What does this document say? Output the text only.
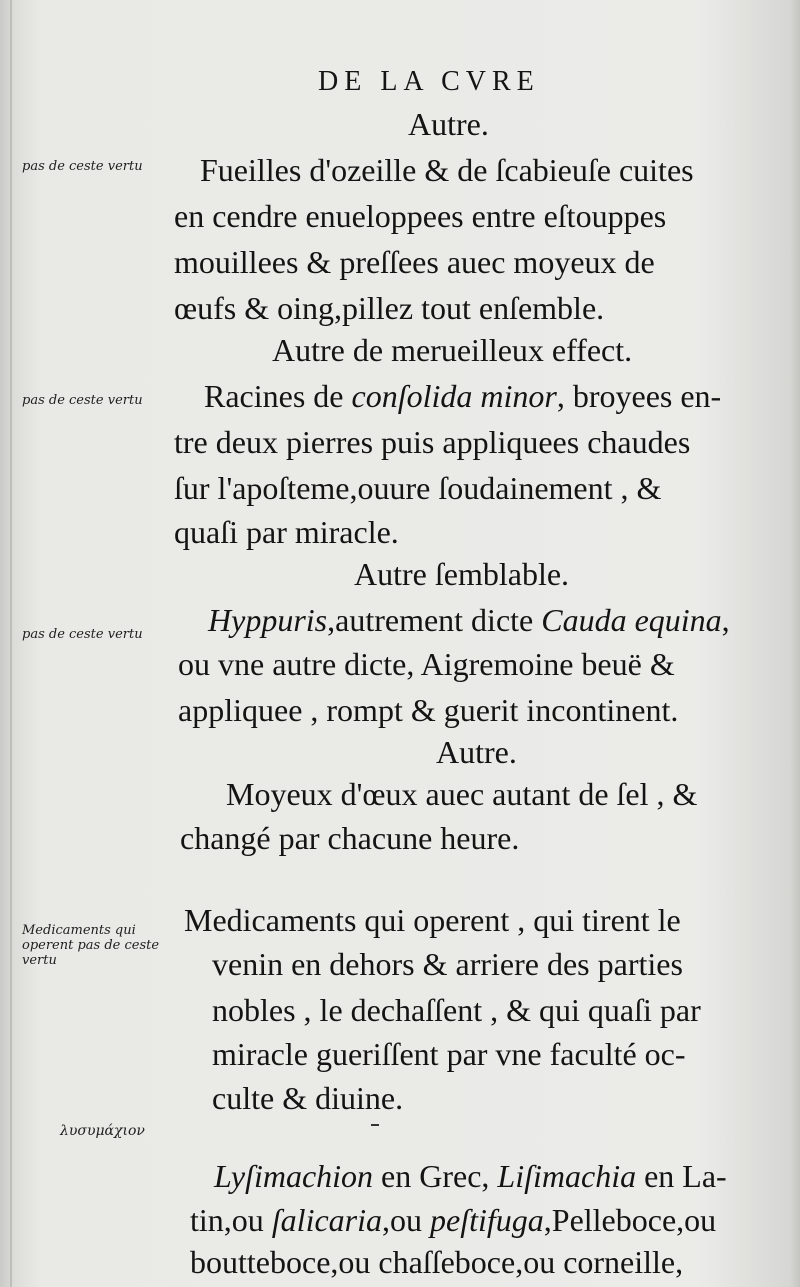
DE LA CVRE
pas de ceste vertu
pas de ceste vertu
pas de ceste vertu
Medicaments qui
operent pas de ceste
vertu
λυσυμάχιον
Autre.
Fueilles d'ozeille & de ſcabieuſe cuites
en cendre enueloppees entre eſtouppes
mouillees & preſſees auec moyeux de
œufs & oing,pillez tout enſemble.
Autre de merueilleux effect.
Racines de conſolida minor, broyees en-
tre deux pierres puis appliquees chaudes
ſur l'apoſteme,ouure ſoudainement , &
quaſi par miracle.
Autre ſemblable.
Hyppuris,autrement dicte Cauda equina,
ou vne autre dicte, Aigremoine beuë &
appliquee , rompt & guerit incontinent.
Autre.
Moyeux d'œux auec autant de ſel , &
changé par chacune heure.
Medicaments qui operent , qui tirent le
venin en dehors & arriere des parties
nobles , le dechaſſent , & qui quaſi par
miracle gueriſſent par vne faculté oc-
culte & diuine.
Lyſimachion en Grec, Liſimachia en La-
tin,ou ſalicaria,ou peſtifuga,Pelleboce,ou
boutteboce,ou chaſſeboce,ou corneille,
